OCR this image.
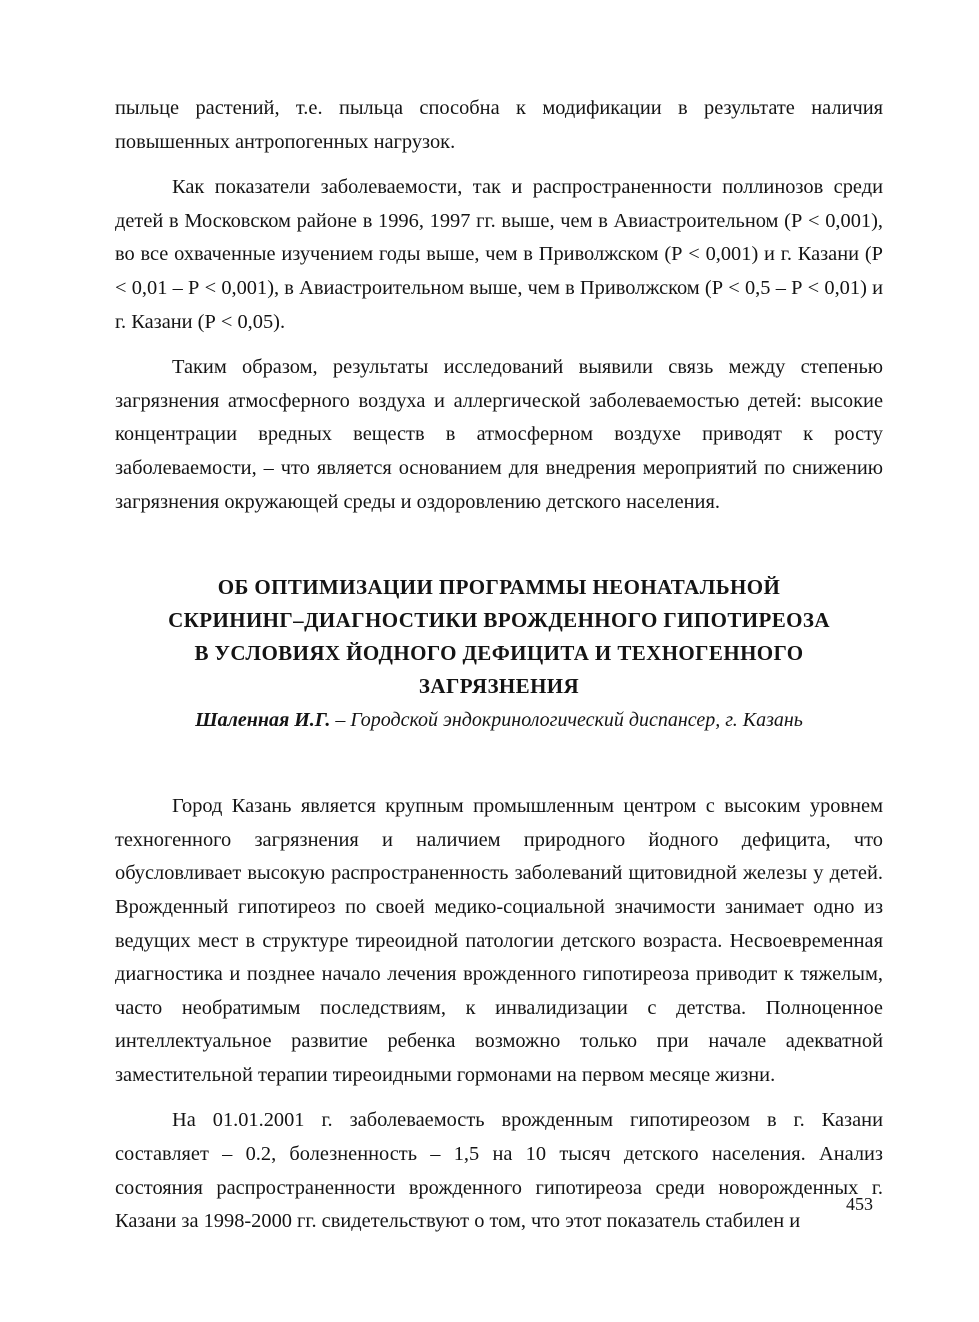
пыльце растений, т.е. пыльца способна к модификации в результате наличия повышенных антропогенных нагрузок.

Как показатели заболеваемости, так и распространенности поллинозов среди детей в Московском районе в 1996, 1997 гг. выше, чем в Авиастроительном (Р < 0,001), во все охваченные изучением годы выше, чем в Приволжском (Р < 0,001) и г. Казани (Р < 0,01 – Р < 0,001), в Авиастроительном выше, чем в Приволжском (Р < 0,5 – Р < 0,01) и г. Казани (Р < 0,05).

Таким образом, результаты исследований выявили связь между степенью загрязнения атмосферного воздуха и аллергической заболеваемостью детей: высокие концентрации вредных веществ в атмосферном воздухе приводят к росту заболеваемости, – что является основанием для внедрения мероприятий по снижению загрязнения окружающей среды и оздоровлению детского населения.

ОБ ОПТИМИЗАЦИИ ПРОГРАММЫ НЕОНАТАЛЬНОЙ
СКРИНИНГ–ДИАГНОСТИКИ ВРОЖДЕННОГО ГИПОТИРЕОЗА
В УСЛОВИЯХ ЙОДНОГО ДЕФИЦИТА И ТЕХНОГЕННОГО
ЗАГРЯЗНЕНИЯ
Шаленная И.Г. – Городской эндокринологический диспансер, г. Казань

Город Казань является крупным промышленным центром с высоким уровнем техногенного загрязнения и наличием природного йодного дефицита, что обусловливает высокую распространенность заболеваний щитовидной железы у детей. Врожденный гипотиреоз по своей медико-социальной значимости занимает одно из ведущих мест в структуре тиреоидной патологии детского возраста. Несвоевременная диагностика и позднее начало лечения врожденного гипотиреоза приводит к тяжелым, часто необратимым последствиям, к инвалидизации с детства. Полноценное интеллектуальное развитие ребенка возможно только при начале адекватной заместительной терапии тиреоидными гормонами на первом месяце жизни.

На 01.01.2001 г. заболеваемость врожденным гипотиреозом в г. Казани составляет – 0.2, болезненность – 1,5 на 10 тысяч детского населения. Анализ состояния распространенности врожденного гипотиреоза среди новорожденных г. Казани за 1998-2000 гг. свидетельствуют о том, что этот показатель стабилен и

453
